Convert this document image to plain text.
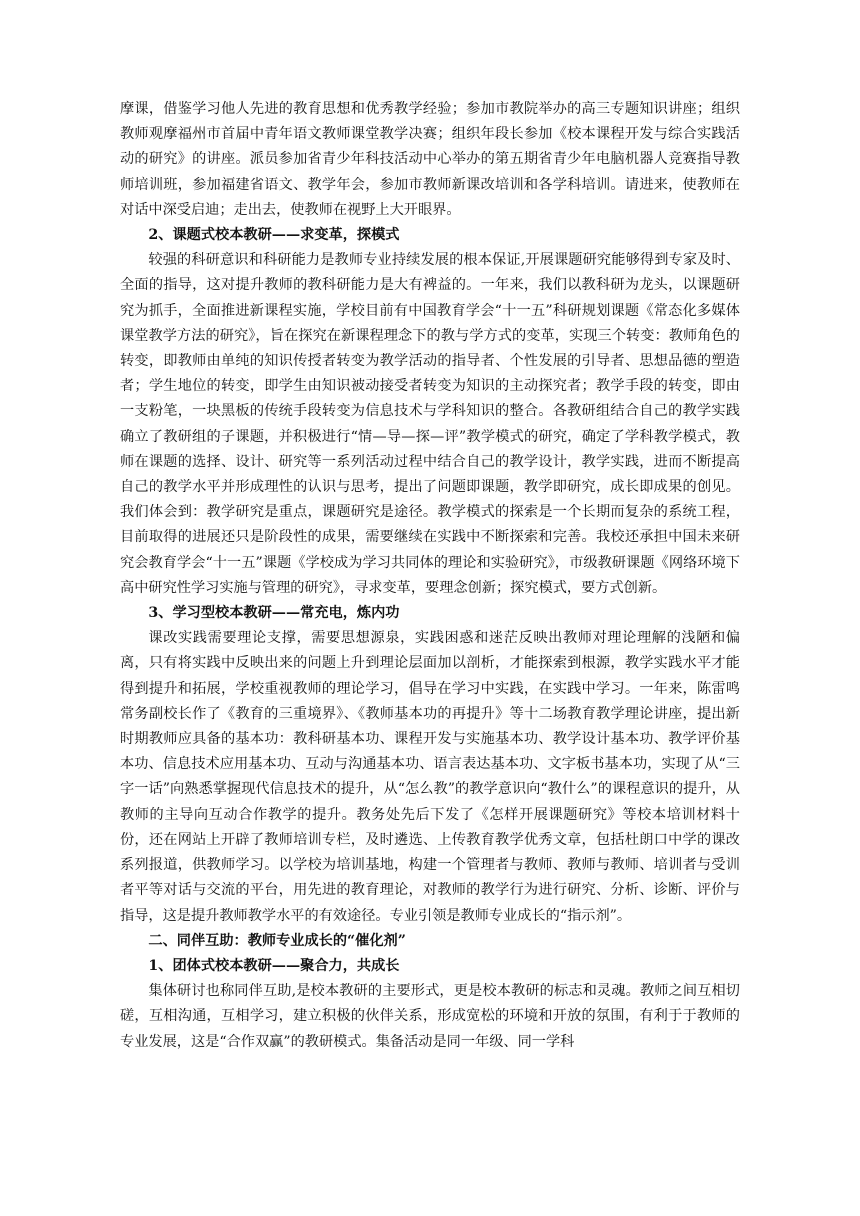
摩课，借鉴学习他人先进的教育思想和优秀教学经验；参加市教院举办的高三专题知识讲座；组织教师观摩福州市首届中青年语文教师课堂教学决赛；组织年段长参加《校本课程开发与综合实践活动的研究》的讲座。派员参加省青少年科技活动中心举办的第五期省青少年电脑机器人竞赛指导教师培训班，参加福建省语文、教学年会，参加市教师新课改培训和各学科培训。请进来，使教师在对话中深受启迪；走出去，使教师在视野上大开眼界。

2、课题式校本教研——求变革，探模式

较强的科研意识和科研能力是教师专业持续发展的根本保证,开展课题研究能够得到专家及时、全面的指导，这对提升教师的教科研能力是大有裨益的。一年来，我们以教科研为龙头，以课题研究为抓手，全面推进新课程实施，学校目前有中国教育学会“十一五”科研规划课题《常态化多媒体课堂教学方法的研究》，旨在探究在新课程理念下的教与学方式的变革，实现三个转变：教师角色的转变，即教师由单纯的知识传授者转变为教学活动的指导者、个性发展的引导者、思想品德的塑造者；学生地位的转变，即学生由知识被动接受者转变为知识的主动探究者；教学手段的转变，即由一支粉笔，一块黑板的传统手段转变为信息技术与学科知识的整合。各教研组结合自己的教学实践确立了教研组的子课题，并积极进行“情—导—探—评”教学模式的研究，确定了学科教学模式，教师在课题的选择、设计、研究等一系列活动过程中结合自己的教学设计，教学实践，进而不断提高自己的教学水平并形成理性的认识与思考，提出了问题即课题，教学即研究，成长即成果的创见。我们体会到：教学研究是重点，课题研究是途径。教学模式的探索是一个长期而复杂的系统工程，目前取得的进展还只是阶段性的成果，需要继续在实践中不断探索和完善。我校还承担中国未来研究会教育学会“十一五”课题《学校成为学习共同体的理论和实验研究》，市级教研课题《网络环境下高中研究性学习实施与管理的研究》，寻求变革，要理念创新；探究模式，要方式创新。

3、学习型校本教研——常充电，炼内功

课改实践需要理论支撑，需要思想源泉，实践困惑和迷茫反映出教师对理论理解的浅陋和偏离，只有将实践中反映出来的问题上升到理论层面加以剖析，才能探索到根源，教学实践水平才能得到提升和拓展，学校重视教师的理论学习，倡导在学习中实践，在实践中学习。一年来，陈雷鸣常务副校长作了《教育的三重境界》、《教师基本功的再提升》等十二场教育教学理论讲座，提出新时期教师应具备的基本功：教科研基本功、课程开发与实施基本功、教学设计基本功、教学评价基本功、信息技术应用基本功、互动与沟通基本功、语言表达基本功、文字板书基本功，实现了从“三字一话”向熟悉掌握现代信息技术的提升，从“怎么教”的教学意识向“教什么”的课程意识的提升，从教师的主导向互动合作教学的提升。教务处先后下发了《怎样开展课题研究》等校本培训材料十份，还在网站上开辟了教师培训专栏，及时遴选、上传教育教学优秀文章，包括杜朗口中学的课改系列报道，供教师学习。以学校为培训基地，构建一个管理者与教师、教师与教师、培训者与受训者平等对话与交流的平台，用先进的教育理论，对教师的教学行为进行研究、分析、诊断、评价与指导，这是提升教师教学水平的有效途径。专业引领是教师专业成长的“指示剂”。

二、同伴互助：教师专业成长的“催化剂”

1、团体式校本教研——聚合力，共成长

集体研讨也称同伴互助,是校本教研的主要形式，更是校本教研的标志和灵魂。教师之间互相切磋，互相沟通，互相学习，建立积极的伙伴关系，形成宽松的环境和开放的氛围，有利于于教师的专业发展，这是“合作双赢”的教研模式。集备活动是同一年级、同一学科
